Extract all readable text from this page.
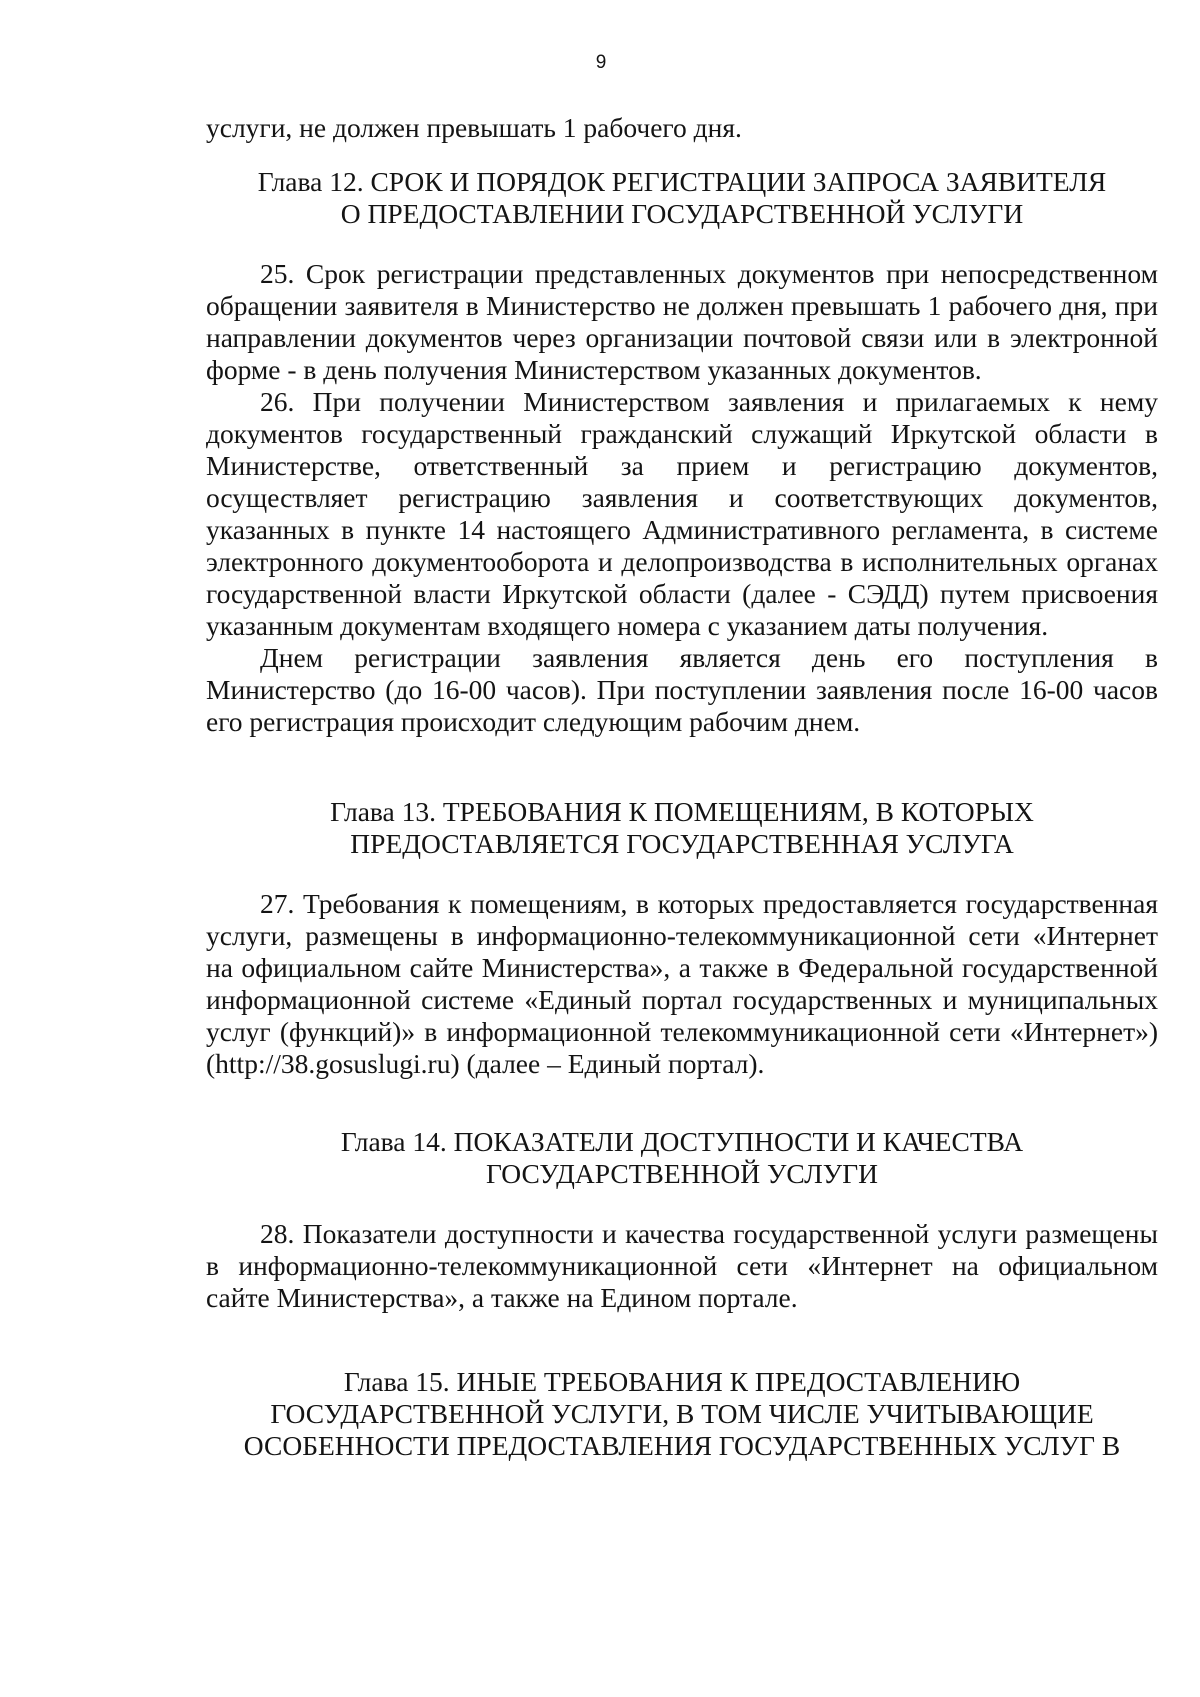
9

услуги, не должен превышать 1 рабочего дня.

Глава 12. СРОК И ПОРЯДОК РЕГИСТРАЦИИ ЗАПРОСА ЗАЯВИТЕЛЯ
О ПРЕДОСТАВЛЕНИИ ГОСУДАРСТВЕННОЙ УСЛУГИ

25. Срок регистрации представленных документов при непосредственном обращении заявителя в Министерство не должен превышать 1 рабочего дня, при направлении документов через организации почтовой связи или в электронной форме - в день получения Министерством указанных документов.

26. При получении Министерством заявления и прилагаемых к нему документов государственный гражданский служащий Иркутской области в Министерстве, ответственный за прием и регистрацию документов, осуществляет регистрацию заявления и соответствующих документов, указанных в пункте 14 настоящего Административного регламента, в системе электронного документооборота и делопроизводства в исполнительных органах государственной власти Иркутской области (далее - СЭДД) путем присвоения указанным документам входящего номера с указанием даты получения.

Днем регистрации заявления является день его поступления в Министерство (до 16-00 часов). При поступлении заявления после 16-00 часов его регистрация происходит следующим рабочим днем.

Глава 13. ТРЕБОВАНИЯ К ПОМЕЩЕНИЯМ, В КОТОРЫХ
ПРЕДОСТАВЛЯЕТСЯ ГОСУДАРСТВЕННАЯ УСЛУГА

27. Требования к помещениям, в которых предоставляется государственная услуги, размещены в информационно-телекоммуникационной сети «Интернет на официальном сайте Министерства», а также в Федеральной государственной информационной системе «Единый портал государственных и муниципальных услуг (функций)» в информационной телекоммуникационной сети «Интернет») (http://38.gosuslugi.ru) (далее – Единый портал).

Глава 14. ПОКАЗАТЕЛИ ДОСТУПНОСТИ И КАЧЕСТВА
ГОСУДАРСТВЕННОЙ УСЛУГИ

28. Показатели доступности и качества государственной услуги размещены в информационно-телекоммуникационной сети «Интернет на официальном сайте Министерства», а также на Едином портале.

Глава 15. ИНЫЕ ТРЕБОВАНИЯ К ПРЕДОСТАВЛЕНИЮ
ГОСУДАРСТВЕННОЙ УСЛУГИ, В ТОМ ЧИСЛЕ УЧИТЫВАЮЩИЕ
ОСОБЕННОСТИ ПРЕДОСТАВЛЕНИЯ ГОСУДАРСТВЕННЫХ УСЛУГ В
